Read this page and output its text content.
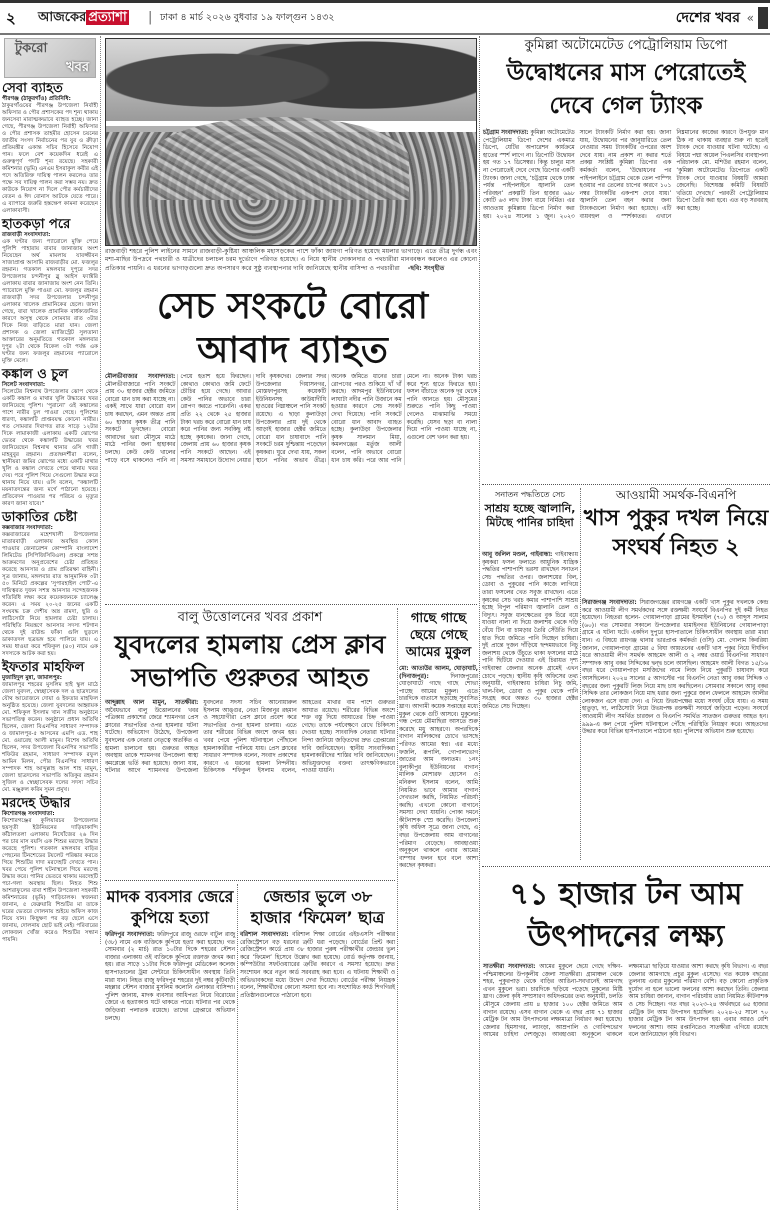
২ আজকের প্রত্যাশা | ঢাকা ৪ মার্চ ২০২৬ বুধবার ১৯ ফাল্গুন ১৪৩২	দেশের খবর «
টুকরো
খবর
সেবা ব্যাহত
পীরগঞ্জ (ঠাকুরগাঁও) প্রতিনিধি:
ঠাকুরগাঁওয়ের পীরগঞ্জ উপজেলা নির্বাহী অফিসার ও পৌর প্রশাসকের পদ শূন্য থাকায় জনসেবা মারাত্মকভাবে ব্যাহত হচ্ছে। জানা গেছে, পীরগঞ্জ উপজেলা নির্বাহী অফিসার ও পৌর প্রশাসক তাহমীর হোসেন চয়নের জাতীয় সংসদ নির্বাচনের পর যুব ও ক্রীড়া প্রতিমন্ত্রীর একান্ত সচিব হিসেবে নিয়োগ পান। ফলে বেশ কয়েকদিন ধরেই এ গুরুত্বপূর্ণ পদটি শূন্য রয়েছে। সহকারী কমিশনার (ভূমি) এনএম ইসরাকুল কবীর এই পদে অতিরিক্ত দায়িত্ব পালন করলেও তার পক্ষে সব দায়িত্ব পালন করা সম্ভব নয়। দ্রুত কাউকে নিয়োগ না দিলে পৌর কর্মচারীদের বেতন ও ঈদ বোনাস আটকে যেতে পারে। এ ব্যাপারে জরুরি হস্তক্ষেপ কামনা করেছেন এলাকাবাসী।
হাতকড়া পরে
রাজবাড়ী সংবাদদাতা:
এক ঘণ্টার জন্য প্যারোলে মুক্তি পেয়ে পুলিশি পাহারায় বাবার জানাজায় অংশ নিয়েছেন অর্থ মামলায় যাবজ্জীবন সাজাপ্রাপ্ত আসামি রাজবাড়ীর মো. ফজলুর রহমান। গতকাল মঙ্গলবার দুপুরে সদর উপজেলার চন্দনীপুর ব্লু আইস ফ্যাক্টরি এলাকায় বাবার জানাজায় অংশ নেন তিনি। প্যারোলে মুক্তি পাওয়া মো. ফজলুর রহমান রাজবাড়ী সদর উপজেলার চন্দনীপুর এলাকার খালেক প্রামানিকের ছেলে। জানা গেছে, বাবা খালেক প্রামানিক বার্ধক্যজনিত কারণে অসুস্থ থেকে সোমবার রাত ৩টার দিকে নিজ বাড়িতে মারা যান। জেলা প্রশাসক ও জেলা ম্যাজিস্ট্রেট সুলতানা আক্তারের অনুমতিতে গতকাল মঙ্গলবার দুপুর ২টা থেকে বিকেল ৩টা পর্যন্ত এক ঘণ্টার জন্য ফজলুর রহমানের প্যারোলে মুক্তি মেলে।
কঙ্কাল ও চুল
সিলেট সংবাদদাতা:
সিলেটের বিশ্বনাথ উপজেলার ঝোপ থেকে একটি কঙ্কাল ও মাথার খুলি উদ্ধারের খবর জানিয়েছে পুলিশ। ‘পুরানো’ ওই কঙ্কালের পাশে নারীর চুল পাওয়া গেছে। পুলিশের ধারণা, কঙ্কালটি প্রাপ্তবয়স্ক কোনো নারীর। গত সোমবার দিবাগত রাত সাড়ে ১২টার দিকে লামাকাজী এলাকায় একটি ঝোপের ভেতর থেকে কঙ্কালটি উদ্ধারের খবর জানিয়েছেন বিশ্বনাথ থানার ওসি গাজী মাহবুবুর রহমান। প্রত্যক্ষদর্শীরা বলেন, স্থানীয়রা জমির ঝোপের মধ্যে একটি মাথার খুলি ও কঙ্কাল দেখতে পেয়ে থানায় খবর দেয়। পরে পুলিশ গিয়ে সেগুলো উদ্ধার করে থানায় নিয়ে যায়। ওসি বলেন, “কঙ্কালটি ময়নাতদন্তের জন্য মর্গে পাঠানো হয়েছে। প্রতিবেদন পাওয়ার পর পরিচয় ও মৃত্যুর কারণ জানা যাবে।”
ডাকাতির চেষ্টা
কক্সবাজার সংবাদদাতা:
কক্সবাজারের মহেশখালী উপজেলার মাতারবাড়ী এলাকায় অবস্থিত কোল পাওয়ার জেনারেশন কোম্পানি বাংলাদেশ লিমিটেড (সিপিজিসিবিএল) প্রকল্পে সশস্ত্র আক্রমণের অনুপ্রবেশের চেষ্টা প্রতিহত করেছে আনসার ও গ্রাম প্রতিরক্ষা বাহিনী। সূত্র জানায়, মঙ্গলবার রাত আনুমানিক ৩টা ৫০ মিনিটে প্রকল্পের ‘সুপারহাইল পোর্ট’-এ দায়িত্বরত দুজন সশস্ত্র আনসার সন্দেহজনক গতিবিধি লক্ষ্য করে কয়েকজনকে চ্যালেঞ্জ করেন। এ সময় ২০-২৫ জনের একটি সংঘবদ্ধ চক্র দেশীয় অস্ত্র রামদা, ছুরি ও লাঠিসোটা নিয়ে হামলার চেষ্টা চালায়। পরিস্থিতি নিয়ন্ত্রণে আনসার সদস্য শটগান থেকে দুই রাউন্ড ফাঁকা গুলি ছুড়লে ডাকাতদল ছত্রভঙ্গ হয়ে পালিয়ে যায়। এ সময় ধাওয়া করে শফিকুল (৪০) নামে এক সদস্যকে আটক করা হয়।
ইফতার মাহফিল
মুজাহিদুল মুন্না, জামালপুর:
জামালপুর শহরের মুসলিম হাই স্কুল মাঠে জেলা যুবদল, স্বেচ্ছাসেবক দল ও ছাত্রদলের যৌথ আয়োজনে দোয়া ও ইফতার মাহফিল অনুষ্ঠিত হয়েছে। জেলা যুবদলের আহ্বায়ক মো. শফিকুল ইসলাম খান সজীব অনুষ্ঠানে সভাপতিত্ব করেন। অনুষ্ঠানে প্রধান অতিথি ছিলেন, জেলা বিএনপির সাধারণ সম্পাদক ও জামালপুর-৫ আসনের এমপি এড. শাহ মো. ওয়ারেছ আলী মামুন। বিশেষ অতিথি ছিলেন, সদর উপজেলা বিএনপির সভাপতি শফিউর রহমান, সাধারণ সম্পাদক রফুল আমিন মিলন, পৌর বিএনপির সাধারণ সম্পাদক শাহ আব্দুল্লাহ আল শাহ মামুন, জেলা ছাত্রদলের সভাপতি অতিকুর রহমান সুজিল ও স্বেচ্ছাসেবক দলের সদস্য সচিব মো. মঞ্জুরুল করিম সুমন প্রমুখ।
মরদেহ উদ্ধার
কিশোরগঞ্জ সংবাদদাতা:
কিশোরগঞ্জের কুলিয়ারচর উপজেলার ছয়সূতী ইউনিয়নের দাড়িয়াকান্দি কাঁঠালতলা এলাকায় নিখোঁজের ২৬ দিন পর চার মাস বয়সি এক শিশুর মরদেহ উদ্ধার করেছে পুলিশ। গতকাল মঙ্গলবার বাড়ির পেছনের টিনশেডের টয়লেট পরিষ্কার করতে গিয়ে শিশুটির দাদা মরদেহটি দেখতে পান। খবর পেয়ে পুলিশ ঘটনাস্থলে গিয়ে মরদেহ উদ্ধার করে। পানির ভেতরে থাকায় মরদেহটি পচা-গলা অবস্থায় ছিল। নিহত শিশু আশরাফুলের বাবা শাহীন উপজেলা সহকারী কমিশনারের (ভূমি) গাড়িচালক। স্বজনরা জানান, ৫ ফেব্রুয়ারি শিশুটির মা তাকে ঘরের ভেতরে দোলনায় শুইয়ে অফিস কাজ নিয়ে যান। কিছুক্ষণ পর বড় ছেলে এসে জানায়, দোলনায় ছোট ভাই নেই। পরিবারের লোকজন খোঁজ করেও শিশুটির সন্ধান পায়নি।
রাজবাড়ী শহরে পুলিশ লাইনের সামনে রাজবাড়ী-কুষ্টিয়া আঞ্চলিক মহাসড়কের পাশে ফাঁকা জায়গা পরিণত হয়েছে ময়লার ভাগাড়ে। এতে তীব্র দুর্গন্ধ এবং মশা-মাছির উপদ্রবে পথচারী ও যাত্রীদের চলাচল চরম দুর্ভোগে পরিণত হয়েছে। এ নিয়ে স্থানীয় দোকানদার ও পথচারীরা মানববন্ধন করলেও এর কোনো প্রতিকার পায়নি। এ ধরনের ভাগাড়গুলো দ্রুত অপসারণ করে সুষ্ঠু ব্যবস্থাপনার দাবি জানিয়েছে স্থানীয় বাসিন্দা ও পথচারীরা -ছবি: সংগৃহীত
সেচ সংকটে বোরো আবাদ ব্যাহত
মৌলভীবাজার সংবাদদাতা: মৌলভীবাজারে পানি সংকটে প্রায় ৩০ হাজার হেক্টর জমিতে বোরো ধান চাষ করা যাচ্ছে না। একই সাথে যারা বোরো ধান চাষ করছেন, এমন অন্তত প্রায় ৬০ হাজার কৃষক তীব্র পানি সংকটে ভুগছেন। বোরো আবাদের ভরা মৌসুমে মাঠে মাঠে পানির জন্য হাহাকার চলছে। কেউ কেউ খালের পাড়ে বসে থাকলেও পানি না পেয়ে হতাশ হয়ে ফিরছেন। কোথাও কোথাও জমি ফেটে চৌচির হয়ে গেছে। আবার কেউ পানির অভাবে চারা রোপণ করতে পারেননি। একর প্রতি ২২ থেকে ২৫ হাজার টাকা খরচ করে বোরো ধান চাষ করে পানির জন্য সবকিছু নষ্ট হচ্ছে কৃষকের। জানা গেছে, জেলায় প্রায় ৬০ হাজার কৃষক পানি সংকটে আছেন। এই সমস্যা সমাধানে উদ্যোগ নেয়ার দাবি কৃষকদের। জেলার সদর উপজেলার গিয়াসনগর, মোস্তফাপুরসহ কয়েকটি ইউনিয়নসহ কাউয়াদীঘি হাওরের নিম্নাঞ্চলে পানি সংকট রয়েছে। এ ছাড়া কুলাউড়া উপজেলার প্রায় দুই থেকে আড়াই হাজার হেক্টর জমিতে বোরো ধান চাষাবাদে পানি সংকটে চরম দুশ্চিন্তায় পড়েছেন কৃষকরা। ঘুরে দেখা যায়, সকল স্থানে পানির অভাব তীব্র। অনেক জমিতে ধানের চারা রোপণের পরও শুকিয়ে খাঁ খাঁ করছে। আদমপুর ইউনিয়নের লাঘাটা নদীর পানি উজানে কম হওয়ার কারণে সেচ সংকট দেখা দিয়েছে। পানি সংকটে বোরো ধান আবাদ ব্যাহত হচ্ছে। কুলাউড়া উপজেলার কৃষক সালমান মিয়া, কমলগঞ্জের মর্তুজ আলী বলেন, পানি অভাবে বোরো ধান চাষ করি। পরে আর পানি মেলে না। অনেক টাকা খরচ করে শূন্য হাতে ফিরতে হয়। ফসল বাঁচাতে অনেক দূর থেকে পানি আনতে হয়। মৌসুমের শুরুতে পানি কিছু পাওয়া গেলেও মাঝামাঝি সময়ে করেছি। যেসব ছড়া বা নালা দিয়ে পানি পাওয়া যাচ্ছে না, এগুলো বেশ খনন করা হয়।
বালু উত্তোলনের খবর প্রকাশ
যুবদলের হামলায় প্রেস ক্লাব সভাপতি গুরুতর আহত
আব্দুল্লাহ আল মামুন, সাতক্ষীরা: অবৈধভাবে বালু উত্তোলনের খবর পত্রিকায় প্রকাশের জেরে শ্যামনগর প্রেস ক্লাবের সভাপতির ওপর হামলার ঘটনা ঘটেছে। অভিযোগ উঠেছে, উপজেলা যুবদলের এক নেতার নেতৃত্বে অতর্কিত এ হামলা চালানো হয়। গুরুতর আহত অবস্থায় তাকে শ্যামনগর উপজেলা স্বাস্থ্য কমপ্লেক্সে ভর্তি করা হয়েছে। জানা যায়, ঘটনার আগে শ্যামনগর উপজেলা যুবদলের সদস্য সচিব আনোয়ারুল ইসলাম আঙ্গুর, নেতা মিজানুর রহমান ও সহযোগীরা প্রেস ক্লাবে প্রবেশ করে সভাপতির ওপর হামলা চালায়। এতে তার শরীরের বিভিন্ন অংশে জখম হয়। খবর পেয়ে পুলিশ ঘটনাস্থলে পৌঁছালে হামলাকারীরা পালিয়ে যায়। প্রেস ক্লাবের সাধারণ সম্পাদক বলেন, সংবাদ প্রকাশের কারণে এ ধরনের হামলা নিন্দনীয়। চিকিৎসক শফিকুল ইসলাম বলেন, আহতের মাথার বাম পাশে গুরুতর আঘাত রয়েছে। শরীরের বিভিন্ন অংশে শক্ত বস্তু দিয়ে আঘাতের চিহ্ন পাওয়া গেছে। তাকে পর্যবেক্ষণে রেখে চিকিৎসা দেওয়া হচ্ছে। সাংবাদিক নেতারা ঘটনার নিন্দা জানিয়ে জড়িতদের দ্রুত গ্রেপ্তারের দাবি জানিয়েছেন। স্থানীয় সাংবাদিকরা হামলাকারীদের শাস্তির দাবি জানিয়েছেন। অভিযুক্তদের বক্তব্য তাৎক্ষণিকভাবে পাওয়া যায়নি।
গাছে গাছে ছেয়ে গেছে আমের মুকুল
মো: আতাউর আলম, ঘোড়াঘাট, (দিনাজপুর):	দিনাজপুরের ঘোড়াঘাটে গাছে গাছে শোভা পাচ্ছে আমের মুকুল। এতে চারদিকে বাতাসে ছড়াচ্ছে সুবাসিত ঘ্রাণ। আগামী কয়েক সপ্তাহের মধ্যে মুকুল থেকে গুটি আসবে। মুকুলের গন্ধ পেয়ে মৌমাছিরা আসতে শুরু করেছে মধু আহরণে। অপরদিকে বাগান মালিকদের চোখে ভাসছে পরিণত আমের স্বপ্ন। এর মধ্যে ফজলি, রূপালি, গোপালভোগ জাতের আম অন্যতম। ১নং বুলাকীপুর ইউনিয়নের বাগান মালিক মোশারফ হোসেন ও মনিরুল ইসলাম বলেন, আমি নিয়মিত ভাবে আমার বাগান দেখভাল করছি, নিয়মিত পরিচর্যা করছি। এখনো কোনো বাগানে সমস্যা দেখা যায়নি। পোকা দমনে কীটনাশক স্প্রে করেছি। উপজেলা কৃষি অফিস সূত্রে জানা গেছে, এ বছর উপজেলায় আম বাগানের পরিমাণ বেড়েছে। আবহাওয়া অনুকূলে থাকলে এবার আমের বাম্পার ফলন হবে বলে আশা করছেন কৃষকরা।
মাদক ব্যবসার জেরে কুপিয়ে হত্যা
ফরিদপুর সংবাদদাতা: ফরিদপুরে রাজু ওরফে বাটুল রাজু (৩৮) নামে এক ব্যক্তিকে কুপিয়ে হত্যা করা হয়েছে। গত সোমবার (২ মার্চ) রাত ১০টার দিকে শহরের স্টেশন বাজার এলাকায় ওই ব্যক্তিকে কুপিয়ে রক্তাক্ত জখম করা হয়। রাত সাড়ে ১১টার দিকে ফরিদপুর মেডিকেল কলেজ হাসপাতালের ট্রমা সেন্টারে চিকিৎসাধীন অবস্থায় তিনি মারা যান। নিহত রাজু ফরিদপুর শহরের দুই নম্বর কুটিবাড়ী মহল্লার স্টেশন বাজার মুসলিম কলোনি এলাকার বাসিন্দা। পুলিশ জানায়, মাদক ব্যবসার আধিপত্য নিয়ে বিরোধের জেরে এ হত্যাকাণ্ড ঘটে থাকতে পারে। ঘটনার পর থেকে জড়িতরা পলাতক রয়েছে। তাদের গ্রেপ্তারে অভিযান চলছে।
জেন্ডার ভুলে ৩৮ হাজার ‘ফিমেল’ ছাত্র
বরিশাল সংবাদদাতা: বরিশাল শিক্ষা বোর্ডের এইচএসসি পরীক্ষার রেজিস্ট্রেশনে বড় ধরনের ত্রুটি ধরা পড়েছে। বোর্ডের প্রিন্ট করা রেজিস্ট্রেশন কার্ডে প্রায় ৩৮ হাজার পুরুষ পরীক্ষার্থীর জেন্ডার ভুল করে ‘ফিমেল’ হিসেবে উল্লেখ করা হয়েছে। বোর্ড কর্তৃপক্ষ জানায়, কম্পিউটার সফটওয়্যারের ত্রুটির কারণে এ সমস্যা হয়েছে। দ্রুত সংশোধন করে নতুন কার্ড সরবরাহ করা হবে। এ ঘটনায় শিক্ষার্থী ও অভিভাবকদের মধ্যে উদ্বেগ দেখা দিয়েছে। বোর্ডের পরীক্ষা নিয়ন্ত্রক বলেন, শিক্ষার্থীদের কোনো সমস্যা হবে না। সংশোধিত কার্ড শিগগিরই প্রতিষ্ঠানগুলোতে পাঠানো হবে।
কুমিল্লা অটোমেটেড পেট্রোলিয়াম ডিপো
উদ্বোধনের মাস পেরোতেই দেবে গেল ট্যাংক
চট্টগ্রাম সংবাদদাতা: কুমিল্লা অটোমেটেড পেট্রোলিয়াম ডিপো দেশের একমাত্র ডিপো, যেটির অপারেশন কার্যক্রমে হাতের স্পর্শ লাগে না। ডিপোটি উদ্বোধন হয় গত ১৭ ডিসেম্বর। কিন্তু চালুর মাস না পেরোতেই দেবে গেছে ডিপোর একটি ট্যাংক। জানা গেছে, ‘চট্টগ্রাম থেকে ঢাকা পর্যন্ত পাইপলাইনে জ্বালানি তেল পরিবহন’ প্রকল্পটি তিন হাজার ৬৯৮ কোটি ৬৩ লাখ টাকা ব্যয়ে নির্মিত। এর আওতায় কুমিল্লায় ডিপো নির্মাণ করা হয়। ২০২৪ সালের ১ জুন। ২০২৩ সালে ট্যাংকটি নির্মাণ করা হয়। জানা যায়, উদ্বোধনের পর জানুয়ারিতে তেল নেওয়ার সময় ট্যাংকটির ওপরের অংশ দেবে যায়। নাম প্রকাশ না করার শর্তে প্রকল্প সংশ্লিষ্ট কুমিল্লা ডিপোর এক কর্মকর্তা বলেন, ‘উদ্বোধনের পর পাইপলাইনে চট্টগ্রাম থেকে তেল পাম্পিং হওয়ার পর তেলের চাপের কারণে ১০১ নম্বর ট্যাংকটির একপাশ দেবে যায়।’ জ্বালানি তেল বহন করার জন্য ট্যাংকগুলো নির্মাণ করা হয়েছে। এটি ব্যয়বহুল ও স্পর্শকাতর। এখানে নিম্নমানের কাজের কারণে উপযুক্ত মান ঠিক না থাকায় ব্যবহার শুরু না হতেই ট্যাংক দেবে যাওয়ার ঘটনা ঘটেছে। এ বিষয়ে পদ্মা অয়েল পিএলসির ব্যবস্থাপনা পরিচালক মো. মশিউর রহমান বলেন, ‘কুমিল্লা অটোমেটেড ডিপোতে একটি ট্যাংক দেবে যাওয়ার বিষয়টি আমরা জেনেছি। বিশেষজ্ঞ কমিটি বিষয়টি খতিয়ে দেখছে।’ পরবর্তী পেট্রোলিয়াম ডিপো তৈরি করা হবে। এত বড় সরবরাহ করা হচ্ছে।
সনাতন পদ্ধতিতে সেচ
সাশ্রয় হচ্ছে জ্বালানি, মিটছে পানির চাহিদা
আবু জলিল মণ্ডল, গাইবান্ধা: গাইবান্ধায় কৃষকরা ফসল ফলাতে আধুনিক যান্ত্রিক পদ্ধতির পাশাপাশি ভরসা রাখছেন সনাতন সেচ পদ্ধতির ওপর। জলাশয়ের বিল, ডোবা ও পুকুরের পানি কাজে লাগিয়ে তারা ফসলের খেত সবুজ রাখছেন। এতে কৃষকের সেচ খরচ কমার পাশাপাশি সাশ্রয় হচ্ছে বিপুল পরিমাণ জ্বালানি তেল ও বিদ্যুৎ। সবুজ ধানক্ষেতের বুক চিরে বয়ে যাওয়া নালা না দিয়ে জলাশয় থেকে দড়ি বেঁধে টিন বা চামড়ার তৈরি সেঁউতি দিয়ে হাত দিয়ে জমিতে পানি দিচ্ছেন চাষিরা। দুই প্রান্তে দুজন দাঁড়িয়ে ছন্দময়ভাবে নিচু জলাশয় থেকে উঁচুতে থাকা ফসলের মাঠে পানি ছিটিয়ে দেওয়ার এই চিরায়ত দৃশ্য গাইবান্ধা জেলার অনেক গ্রামেই এখন চোখে পড়ছে। স্থানীয় কৃষি অফিসের তথ্য অনুযায়ী, গাইবান্ধায় চাষিরা নিচু জমি, খাল-বিল, ডোবা ও পুকুর থেকে পানি সংগ্রহ করে অন্তত ৩০ হাজার হেক্টর জমিতে সেচ দিচ্ছেন।
আওয়ামী সমর্থক-বিএনপি
খাস পুকুর দখল নিয়ে সংঘর্ষ নিহত ২
সিরাজগঞ্জ সংবাদদাতা: সিরাজগঞ্জের রায়গঞ্জে একটি খাস পুকুর দখলকে কেন্দ্র করে আওয়ামী লীগ সমর্থকদের সঙ্গে রক্তক্ষয়ী সংঘর্ষে বিএনপির দুই কর্মী নিহত হয়েছেন। নিহতরা হলেন- গোয়ালপাড়া গ্রামের ইসমাইল (৭০) ও আব্দুস সালাম (৬০)। গত সোমবার সকালে উপজেলার ধামাইনগর ইউনিয়নের গোয়ালপাড়া গ্রামে এ ঘটনা ঘটে। একদিন দুপুরে হাসপাতালে চিকিৎসাধীন অবস্থায় তারা মারা যান। এ বিষয়ে রায়গঞ্জ থানার ভারপ্রাপ্ত কর্মকর্তা (ওসি) মো. গোলাম কিবরিয়া জানান, গোয়ালপাড়া গ্রামের ৫ বিঘা আয়তনের একটি খাস পুকুর নিয়ে দীর্ঘদিন ধরে আওয়ামী লীগ সমর্থক আহমেদ আলী ও ২ নম্বর ওয়ার্ড বিএনপির সাধারণ সম্পাদক আবু বকর সিদ্দিকের দ্বন্দ্ব চলে আসছিল। আহমেদ আলী বিগত ১৫/১৬ বছর ধরে গোয়ালপাড়া মসজিদের নামে লিজ নিয়ে পুকুরটি চাষাবাদ করে আসছিলেন। ২০২৪ সালের ৫ আগস্টের পর বিএনপি নেতা আবু বকর সিদ্দিক ৩ বছরের জন্য পুকুরটি লিজ নিয়ে মাছ চাষ করছিলেন। সোমবার সকালে আবু বকর সিদ্দিক তার লোকজন নিয়ে মাছ ধরার জন্য পুকুরে জাল ফেললে আহমেদ আলীর লোকজন এসে বাধা দেন। এ নিয়ে উভয়পক্ষের মধ্যে সংঘর্ষ বেঁধে যায়। এ সময় হাতুড়া, দা, লাঠিসোটা নিয়ে উভয়পক্ষ রক্তক্ষয়ী সংঘর্ষে জড়িয়ে পড়েন। সংঘর্ষে আওয়ামী লীগ সমর্থিত চারজন ও বিএনপি সমর্থিত সাতজন গুরুতর আহত হন। ৯৯৯-এ কল পেয়ে পুলিশ ঘটনাস্থলে পৌঁছে পরিস্থিতি নিয়ন্ত্রণ করে। আহতদের উদ্ধার করে বিভিন্ন হাসপাতালে পাঠানো হয়। পুলিশের অভিযান শুরু হয়েছে।
৭১ হাজার টন আম উৎপাদনের লক্ষ্য
সাতক্ষীরা সংবাদদাতা: আমের মুকুলে ছেয়ে গেছে দক্ষিণ-পশ্চিমাঞ্চলের উপকূলীয় জেলা সাতক্ষীরা। গ্রামাঞ্চল থেকে শহর, পুকুরপাড় থেকে বাড়ির আঙিনা-সবখানেই আমগাছ এখন মুকুলে ভরা। চারদিকে ছড়িয়ে পড়েছে মুকুলের মিষ্টি ঘ্রাণ। জেলা কৃষি সম্প্রসারণ অধিদপ্তরের তথ্য অনুযায়ী, চলতি মৌসুমে জেলায় প্রায় ৪ হাজার ১০০ হেক্টর জমিতে আম বাগান রয়েছে। এসব বাগান থেকে এ বছর প্রায় ৭১ হাজার মেট্রিক টন আম উৎপাদনের লক্ষ্যমাত্রা নির্ধারণ করা হয়েছে। জেলার হিমসাগর, ল্যাংড়া, আম্রপালি ও গোবিন্দভোগ আমের চাহিদা দেশজুড়ে। আবহাওয়া অনুকূলে থাকলে লক্ষ্যমাত্রা ছাড়িয়ে যাওয়ার আশা করছে কৃষি বিভাগ। এ বছর জেলার আমগাছে প্রচুর মুকুল এসেছে। গত কয়েক বছরের তুলনায় এবার মুকুলের পরিমাণ বেশি। বড় কোনো প্রাকৃতিক দুর্যোগ না হলে ভালো ফলনের আশা করছেন তিনি। জেলার আম চাষিরা জানান, বাগান পরিচর্যায় তারা নিয়মিত কীটনাশক ও সেচ দিচ্ছেন। গত বছর ২০২৩-২৪ অর্থবছরে ৬৫ হাজার মেট্রিক টন আম উৎপাদন হয়েছিল। ২০২৪-২৫ সালে ৭০ হাজার মেট্রিক টন আম উৎপাদন হয়। এবার আরও বেশি ফলনের আশা। আম রপ্তানিতেও সাতক্ষীরা এগিয়ে রয়েছে বলে জানিয়েছেন কৃষি বিভাগ।
